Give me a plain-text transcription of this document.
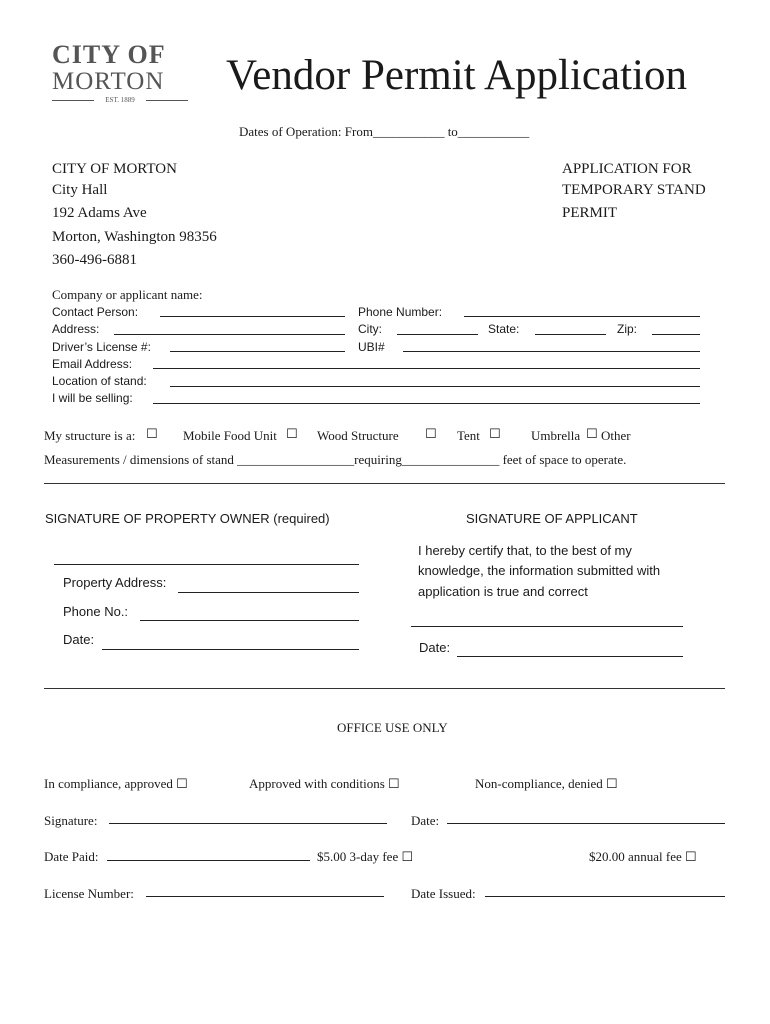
CITY OF
MORTON
EST. 1889
Vendor Permit Application
Dates of Operation: From___________ to___________
CITY OF MORTON
City Hall
192 Adams Ave
Morton, Washington 98356
360-496-6881
APPLICATION FOR
TEMPORARY STAND
PERMIT
Company or applicant name:
Contact Person:	Phone Number:
Address:	City:	State:	Zip:
Driver’s License #:	UBI#
Email Address:
Location of stand:
I will be selling:
My structure is a: ☐ Mobile Food Unit ☐ Wood Structure ☐ Tent ☐ Umbrella ☐ Other
Measurements / dimensions of stand __________________requiring_______________ feet of space to operate.
SIGNATURE OF PROPERTY OWNER (required)
Property Address:
Phone No.:
Date:
SIGNATURE OF APPLICANT
I hereby certify that, to the best of my
knowledge, the information submitted with
application is true and correct
Date:
OFFICE USE ONLY
In compliance, approved ☐	Approved with conditions ☐	Non-compliance, denied ☐
Signature:	Date:
Date Paid:	$5.00 3-day fee ☐	$20.00 annual fee ☐
License Number:	Date Issued:
